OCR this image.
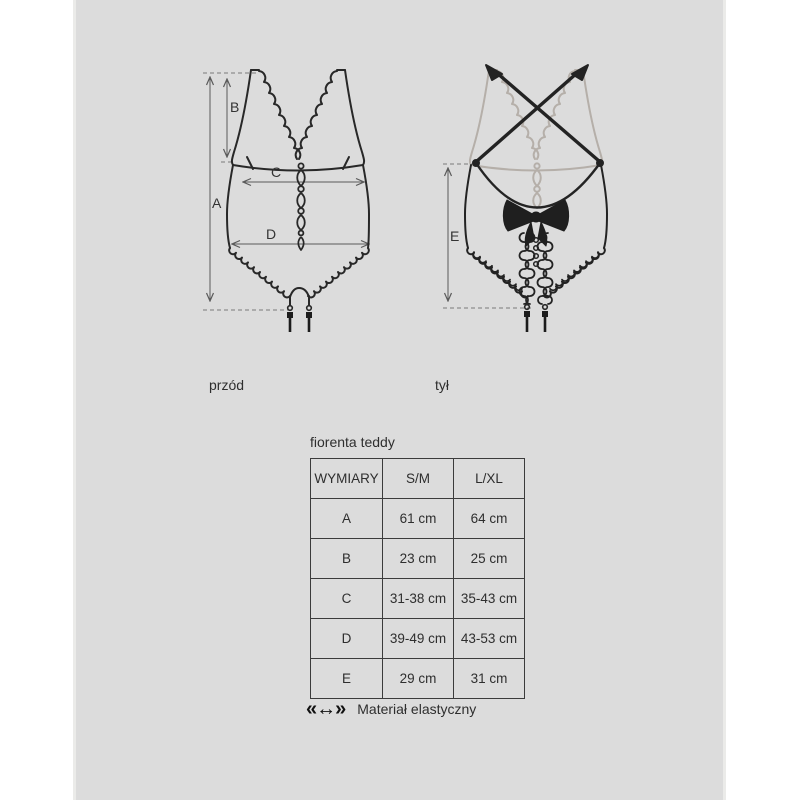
A
B
C
D	E
przód	tył
fiorenta teddy
WYMIARY	S/M	L/XL
A	61 cm	64 cm
B	23 cm	25 cm
C	31-38 cm	35-43 cm
D	39-49 cm	43-53 cm
E	29 cm	31 cm
«↔» Materiał elastyczny
